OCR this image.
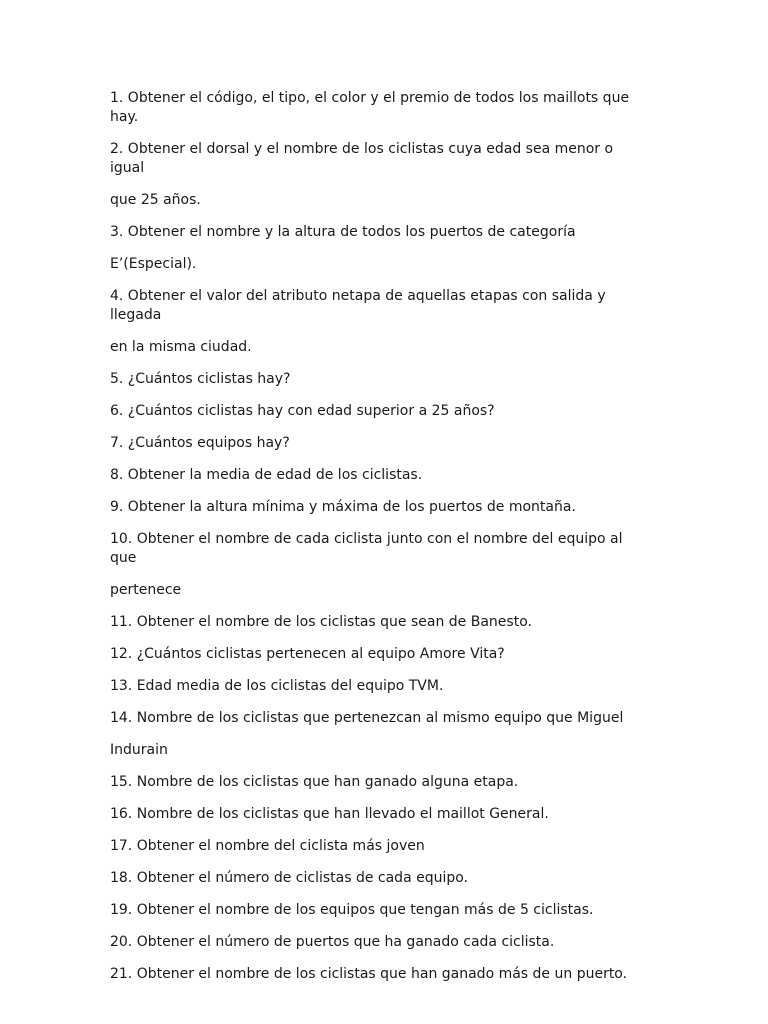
1. Obtener el código, el tipo, el color y el premio de todos los maillots que hay.

2. Obtener el dorsal y el nombre de los ciclistas cuya edad sea menor o igual

que 25 años.

3. Obtener el nombre y la altura de todos los puertos de categoría

E’(Especial).

4. Obtener el valor del atributo netapa de aquellas etapas con salida y llegada

en la misma ciudad.

5. ¿Cuántos ciclistas hay?

6. ¿Cuántos ciclistas hay con edad superior a 25 años?

7. ¿Cuántos equipos hay?

8. Obtener la media de edad de los ciclistas.

9. Obtener la altura mínima y máxima de los puertos de montaña.

10. Obtener el nombre de cada ciclista junto con el nombre del equipo al que

pertenece

11. Obtener el nombre de los ciclistas que sean de Banesto.

12. ¿Cuántos ciclistas pertenecen al equipo Amore Vita?

13. Edad media de los ciclistas del equipo TVM.

14. Nombre de los ciclistas que pertenezcan al mismo equipo que Miguel

Indurain

15. Nombre de los ciclistas que han ganado alguna etapa.

16. Nombre de los ciclistas que han llevado el maillot General.

17. Obtener el nombre del ciclista más joven

18. Obtener el número de ciclistas de cada equipo.

19. Obtener el nombre de los equipos que tengan más de 5 ciclistas.

20. Obtener el número de puertos que ha ganado cada ciclista.

21. Obtener el nombre de los ciclistas que han ganado más de un puerto.
